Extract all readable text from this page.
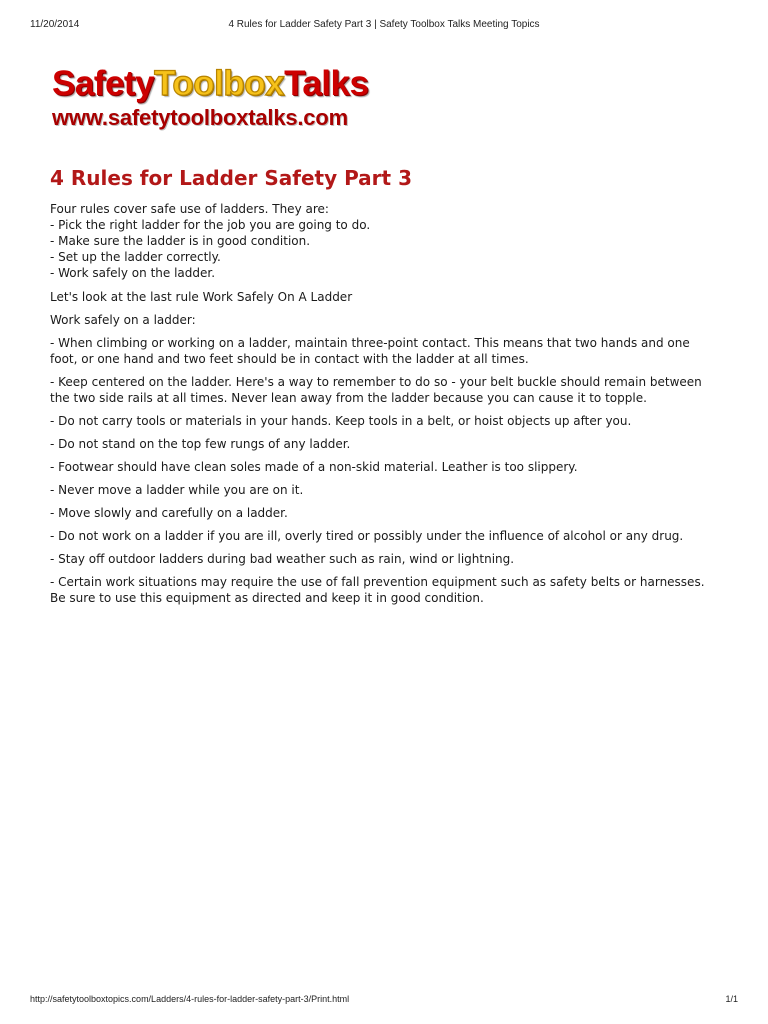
11/20/2014	4 Rules for Ladder Safety Part 3 | Safety Toolbox Talks Meeting Topics
SafetyToolboxTalks
www.safetytoolboxtalks.com
4 Rules for Ladder Safety Part 3

Four rules cover safe use of ladders. They are:
- Pick the right ladder for the job you are going to do.
- Make sure the ladder is in good condition.
- Set up the ladder correctly.
- Work safely on the ladder.

Let's look at the last rule Work Safely On A Ladder

Work safely on a ladder:

- When climbing or working on a ladder, maintain three-point contact. This means that two hands and one foot, or one hand and two feet should be in contact with the ladder at all times.

- Keep centered on the ladder. Here's a way to remember to do so - your belt buckle should remain between the two side rails at all times. Never lean away from the ladder because you can cause it to topple.

- Do not carry tools or materials in your hands. Keep tools in a belt, or hoist objects up after you.

- Do not stand on the top few rungs of any ladder.

- Footwear should have clean soles made of a non-skid material. Leather is too slippery.

- Never move a ladder while you are on it.

- Move slowly and carefully on a ladder.

- Do not work on a ladder if you are ill, overly tired or possibly under the influence of alcohol or any drug.

- Stay off outdoor ladders during bad weather such as rain, wind or lightning.

- Certain work situations may require the use of fall prevention equipment such as safety belts or harnesses. Be sure to use this equipment as directed and keep it in good condition.

http://safetytoolboxtopics.com/Ladders/4-rules-for-ladder-safety-part-3/Print.html	1/1
